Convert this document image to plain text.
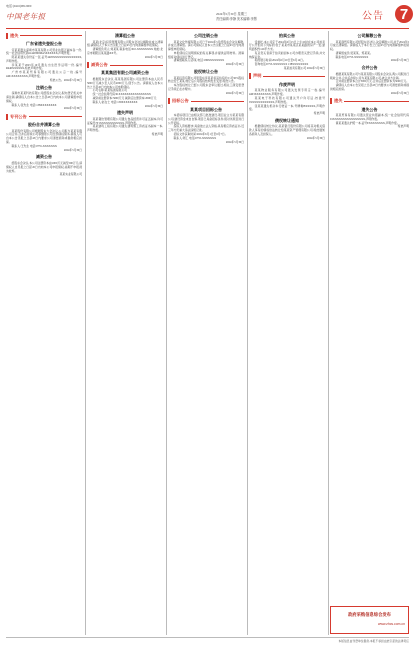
电话:(0416)0812900
中国老年报	2024年5月30日 星期三
责任编辑:李静 美术编辑:李慧	公告	7
遗失
广东省遗失登报公告

宋某某遗失深圳市某某有限公司营业执照正副本各一份,统一社会信用代码91440300MA5XXXXXX,声明作废。

陈某某遗失身份证一张,证号4405XXXXXXXXXXXXXX,声明作废。

李某某于2023年10月遗失出生医学证明一份,编号R440XXXXXX,特此声明作废。

广州市某某贸易有限公司遗失公章一枚,编号4401XXXXXXXX,声明作废。

特此公告。2024年5月30日

注销公告

深圳市某某科技有限公司经股东会决议,拟向登记机关申请注销,请债权人自本公告之日起45日内向本公司清算组申报债权。

联系人:张先生 电话:138XXXXXXXX

2024年5月30日

专刊公告
股份合并清算公告

某某股份有限公司根据股东大会决议,公司拟与某某有限公司合并,合并后存续公司承继原公司全部债权债务,债权人可自本公告见报之日起45日内要求公司清偿债务或提供相应担保。

联系人:王先生 电话:0755-XXXXXXX

2024年5月30日

减资公告

经股东会决议,本公司注册资本由1000万元减至500万元,请债权人自见报之日起45日内向本公司申报债权,逾期不申报视为放弃。

某某实业有限公司

清算组公告

某某(北京)投资管理有限公司股东会决议解散并成立清算组,请债权人于本公告见报之日起45日内向清算组申报债权。

清算组负责人:刘某某 联系电话:010-XXXXXXXX 地址:北京市朝阳区某某路XX号。

2024年5月30日

减资公告
某某集团有限公司减资公告

根据股东会决议,某某集团有限公司注册资本由人民币5000万元减少至人民币2000万元,现予公告。请债权人自本公告之日起45日内向本公司申报债权。

公司名称:某某集团有限公司

统一社会信用代码:91XXXXXXXXXXXXXXXX

减资前注册资本:5000万元 减资后注册资本:2000万元

联系人:赵女士 电话:139XXXXXXXX

2024年5月30日

遗失声明

某某餐饮管理有限公司遗失食品经营许可证正副本,许可证编号JY1XXXXXXXXXXXX,声明作废。

某某建筑工程有限公司遗失建筑施工资质证书副本一本,声明作废。

特此声明

公司注销公告

某某文化传媒有限公司已于2024年5月经股东会决议解散,并成立清算组。请公司债权人自本公告见报之日起45日内向清算组申报债权。

申报债权应说明债权的有关事项,并提供证明材料。清算组将对债权进行登记。

清算组联系人:孙某 电话:186XXXXXXXX

2024年5月30日

股权转让公告

某某投资有限公司原股东李某某将其持有的公司30%股权转让给王某某,转让后公司股权结构发生变更,特此公告。

本次股权转让已经公司股东会审议通过,相关工商变更登记手续正在办理中。

2024年5月30日

招标公告
某某项目招标公告

本招标项目已由相关部门批准建设,项目业主为某某有限公司,建设资金来自自筹,项目已具备招标条件,现对该项目进行公开招标。

投标人资格要求:具备独立法人资格,具有相应资质证书,近三年内无重大违法违规记录。

招标文件获取时间:2024年6月1日至6月7日。

联系人:周工 电话:0755-XXXXXXX

2024年5月30日

拍卖公告

受委托,本公司定于2024年6月15日上午10时在本公司拍卖厅公开拍卖下列标的:位于某某市某某区某某路的房产一处,建筑面积约120平方米。

有意竞买者请于拍卖前到本公司办理竞买登记手续,并交纳保证金。

标的展示时间:2024年6月10日至6月14日。

咨询电话:0755-XXXXXXX 138XXXXXXXX

某某拍卖有限公司 2024年5月30日

声明
作废声明

某某物业服务有限公司遗失发票专用章一枚,编号4403XXXXXXXX,声明作废。

某某电子科技有限公司遗失开户许可证,核准号JXXXXXXXXXXXX,声明作废。

张某某遗失机动车行驶证一本,号牌粤BXXXXX,声明作废。

特此声明

债权转让通知

根据债权转让协议,某某银行股份有限公司将其对相关借款人享有的债权依法转让给某某资产管理有限公司,特此通知各债务人及担保人。

2024年5月30日

公司解散公告

某某商贸有限公司经股东会决议,决定解散公司,并于2024年5月成立清算组。请债权人于本公告之日起45日内向清算组申报债权。

清算组成员:吴某某、郑某某。

联系电话:0755-XXXXXXX

2024年5月30日

合并公告

根据某某有限公司与某某有限公司股东会决议,两公司拟进行吸收合并,合并后存续公司为某某有限公司,被合并方注销。

合并前注册资本合计3000万元,合并后注册资本为3000万元。

请债权人自本公告见报之日起45日内要求公司清偿债务或提供相应担保。

2024年5月30日

遗失
遗失公告

某某贸易有限公司遗失营业执照副本,统一社会信用代码91XXXXXXXXXXXXXXXX,声明作废。

黄某某遗失护照一本,证号EXXXXXXXX,声明作废。

特此声明

政府采购信息综合发布
www.zhcs.com.cn
本版信息由刊登单位提供,本报不承担由此引起的法律责任
